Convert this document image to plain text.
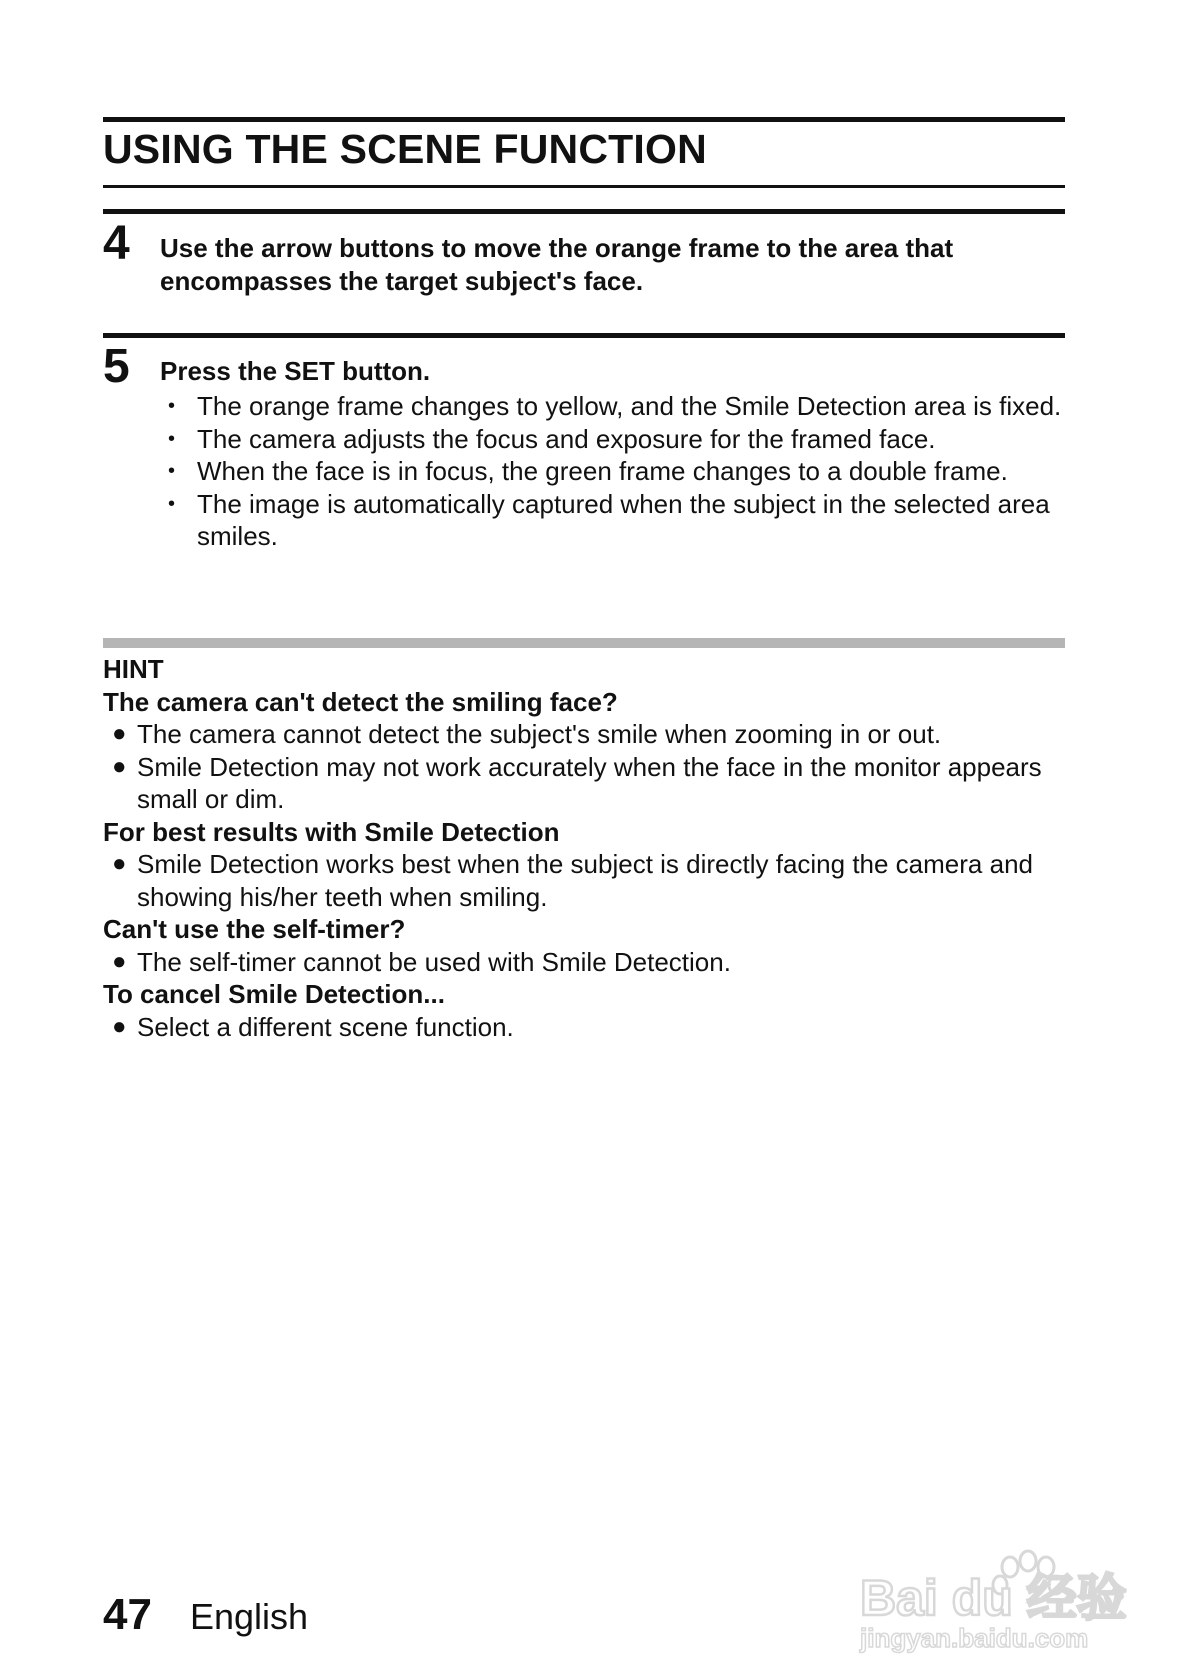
USING THE SCENE FUNCTION
4 Use the arrow buttons to move the orange frame to the area that encompasses the target subject's face.
5 Press the SET button.
• The orange frame changes to yellow, and the Smile Detection area is fixed.
• The camera adjusts the focus and exposure for the framed face.
• When the face is in focus, the green frame changes to a double frame.
• The image is automatically captured when the subject in the selected area smiles.
HINT
The camera can't detect the smiling face?
● The camera cannot detect the subject's smile when zooming in or out.
● Smile Detection may not work accurately when the face in the monitor appears small or dim.
For best results with Smile Detection
● Smile Detection works best when the subject is directly facing the camera and showing his/her teeth when smiling.
Can't use the self-timer?
● The self-timer cannot be used with Smile Detection.
To cancel Smile Detection...
● Select a different scene function.
47 English	Bai du 经验
jingyan.baidu.com
